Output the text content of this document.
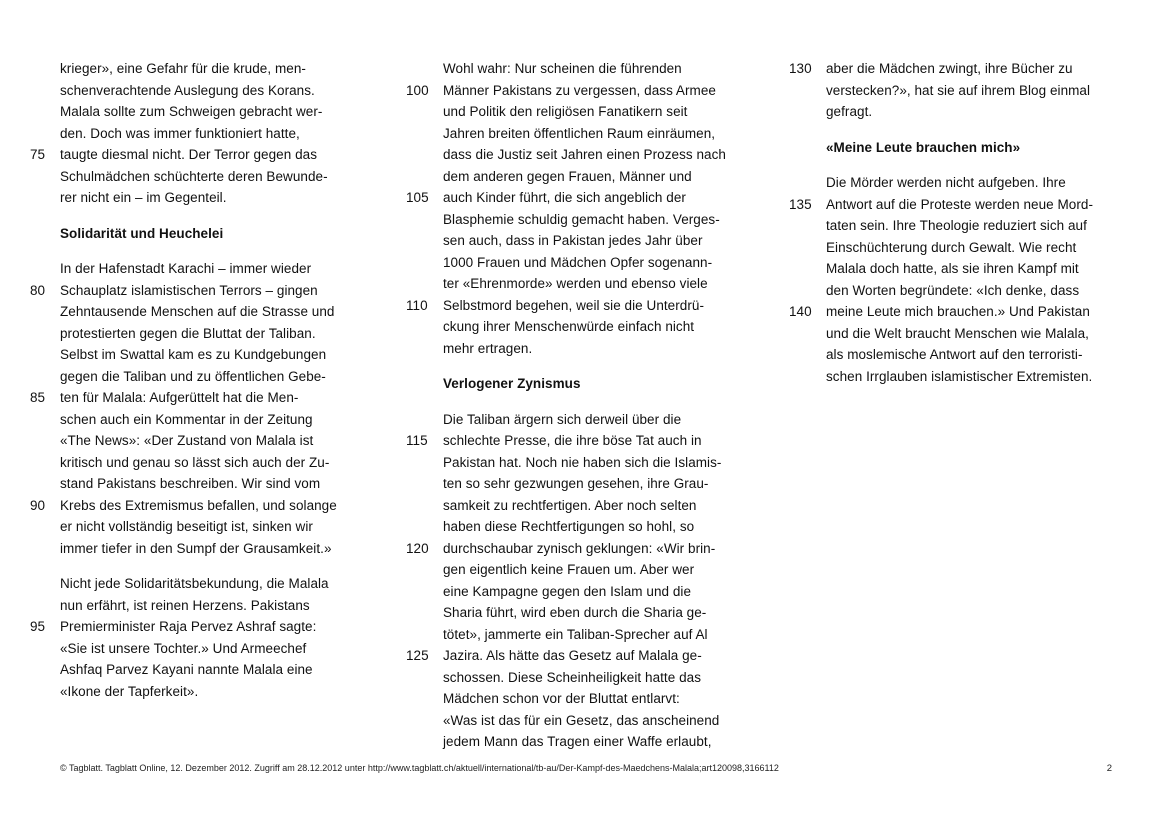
krieger», eine Gefahr für die krude, men-
schenverachtende Auslegung des Korans.
Malala sollte zum Schweigen gebracht wer-
den. Doch was immer funktioniert hatte,
75	taugte diesmal nicht. Der Terror gegen das
Schulmädchen schüchterte deren Bewunde-
rer nicht ein – im Gegenteil.
Solidarität und Heuchelei
In der Hafenstadt Karachi – immer wieder
80	Schauplatz islamistischen Terrors – gingen
Zehntausende Menschen auf die Strasse und
protestierten gegen die Bluttat der Taliban.
Selbst im Swattal kam es zu Kundgebungen
gegen die Taliban und zu öffentlichen Gebe-
85	ten für Malala: Aufgerüttelt hat die Men-
schen auch ein Kommentar in der Zeitung
«The News»: «Der Zustand von Malala ist
kritisch und genau so lässt sich auch der Zu-
stand Pakistans beschreiben. Wir sind vom
90	Krebs des Extremismus befallen, und solange
er nicht vollständig beseitigt ist, sinken wir
immer tiefer in den Sumpf der Grausamkeit.»
Nicht jede Solidaritätsbekundung, die Malala
nun erfährt, ist reinen Herzens. Pakistans
95	Premierminister Raja Pervez Ashraf sagte:
«Sie ist unsere Tochter.» Und Armeechef
Ashfaq Parvez Kayani nannte Malala eine
«Ikone der Tapferkeit».
Wohl wahr: Nur scheinen die führenden
100 Männer Pakistans zu vergessen, dass Armee
und Politik den religiösen Fanatikern seit
Jahren breiten öffentlichen Raum einräumen,
dass die Justiz seit Jahren einen Prozess nach
dem anderen gegen Frauen, Männer und
105 auch Kinder führt, die sich angeblich der
Blasphemie schuldig gemacht haben. Verges-
sen auch, dass in Pakistan jedes Jahr über
1000 Frauen und Mädchen Opfer sogenann-
ter «Ehrenmorde» werden und ebenso viele
110	Selbstmord begehen, weil sie die Unterdrü-
ckung ihrer Menschenwürde einfach nicht
mehr ertragen.
Verlogener Zynismus
Die Taliban ärgern sich derweil über die
115	schlechte Presse, die ihre böse Tat auch in
Pakistan hat. Noch nie haben sich die Islamis-
ten so sehr gezwungen gesehen, ihre Grau-
samkeit zu rechtfertigen. Aber noch selten
haben diese Rechtfertigungen so hohl, so
120 durchschaubar zynisch geklungen: «Wir brin-
gen eigentlich keine Frauen um. Aber wer
eine Kampagne gegen den Islam und die
Sharia führt, wird eben durch die Sharia ge-
tötet», jammerte ein Taliban-Sprecher auf Al
125 Jazira. Als hätte das Gesetz auf Malala ge-
schossen. Diese Scheinheiligkeit hatte das
Mädchen schon vor der Bluttat entlarvt:
«Was ist das für ein Gesetz, das anscheinend
jedem Mann das Tragen einer Waffe erlaubt,
130 aber die Mädchen zwingt, ihre Bücher zu
verstecken?», hat sie auf ihrem Blog einmal
gefragt.
«Meine Leute brauchen mich»
Die Mörder werden nicht aufgeben. Ihre
135 Antwort auf die Proteste werden neue Mord-
taten sein. Ihre Theologie reduziert sich auf
Einschüchterung durch Gewalt. Wie recht
Malala doch hatte, als sie ihren Kampf mit
den Worten begründete: «Ich denke, dass
140 meine Leute mich brauchen.» Und Pakistan
und die Welt braucht Menschen wie Malala,
als moslemische Antwort auf den terroristi-
schen Irrglauben islamistischer Extremisten.
© Tagblatt. Tagblatt Online, 12. Dezember 2012. Zugriff am 28.12.2012 unter http://www.tagblatt.ch/aktuell/international/tb-au/Der-Kampf-des-Maedchens-Malala;art120098,3166112	2
